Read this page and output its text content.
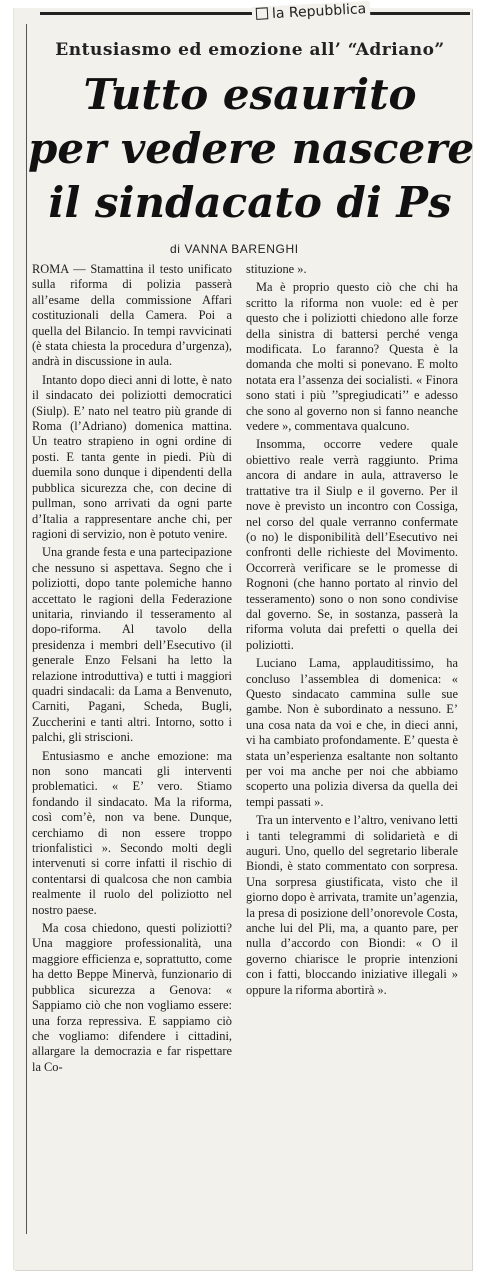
la Repubblica
Entusiasmo ed emozione all’ “Adriano”
Tutto esaurito
per vedere nascere
il sindacato di Ps
di VANNA BARENGHI

ROMA — Stamattina il testo unificato sulla riforma di polizia passerà all’esame della commissione Affari costituzionali della Camera. Poi a quella del Bilancio. In tempi ravvicinati (è stata chiesta la procedura d’urgenza), andrà in discussione in aula.

Intanto dopo dieci anni di lotte, è nato il sindacato dei poliziotti democratici (Siulp). E’ nato nel teatro più grande di Roma (l’Adriano) domenica mattina. Un teatro strapieno in ogni ordine di posti. E tanta gente in piedi. Più di duemila sono dunque i dipendenti della pubblica sicurezza che, con decine di pullman, sono arrivati da ogni parte d’Italia a rappresentare anche chi, per ragioni di servizio, non è potuto venire.

Una grande festa e una partecipazione che nessuno si aspettava. Segno che i poliziotti, dopo tante polemiche hanno accettato le ragioni della Federazione unitaria, rinviando il tesseramento al dopo-riforma. Al tavolo della presidenza i membri dell’Esecutivo (il generale Enzo Felsani ha letto la relazione introduttiva) e tutti i maggiori quadri sindacali: da Lama a Benvenuto, Carniti, Pagani, Scheda, Bugli, Zuccherini e tanti altri. Intorno, sotto i palchi, gli striscioni.

Entusiasmo e anche emozione: ma non sono mancati gli interventi problematici. « E’ vero. Stiamo fondando il sindacato. Ma la riforma, così com’è, non va bene. Dunque, cerchiamo di non essere troppo trionfalistici ». Secondo molti degli intervenuti si corre infatti il rischio di contentarsi di qualcosa che non cambia realmente il ruolo del poliziotto nel nostro paese.

Ma cosa chiedono, questi poliziotti? Una maggiore professionalità, una maggiore efficienza e, soprattutto, come ha detto Beppe Minervà, funzionario di pubblica sicurezza a Genova: « Sappiamo ciò che non vogliamo essere: una forza repressiva. E sappiamo ciò che vogliamo: difendere i cittadini, allargare la democrazia e far rispettare la Co-

stituzione ».

Ma è proprio questo ciò che chi ha scritto la riforma non vuole: ed è per questo che i poliziotti chiedono alle forze della sinistra di battersi perché venga modificata. Lo faranno? Questa è la domanda che molti si ponevano. E molto notata era l’assenza dei socialisti. « Finora sono stati i più ’’spregiudicati’’ e adesso che sono al governo non si fanno neanche vedere », commentava qualcuno.

Insomma, occorre vedere quale obiettivo reale verrà raggiunto. Prima ancora di andare in aula, attraverso le trattative tra il Siulp e il governo. Per il nove è previsto un incontro con Cossiga, nel corso del quale verranno confermate (o no) le disponibilità dell’Esecutivo nei confronti delle richieste del Movimento. Occorrerà verificare se le promesse di Rognoni (che hanno portato al rinvio del tesseramento) sono o non sono condivise dal governo. Se, in sostanza, passerà la riforma voluta dai prefetti o quella dei poliziotti.

Luciano Lama, applauditissimo, ha concluso l’assemblea di domenica: « Questo sindacato cammina sulle sue gambe. Non è subordinato a nessuno. E’ una cosa nata da voi e che, in dieci anni, vi ha cambiato profondamente. E’ questa è stata un’esperienza esaltante non soltanto per voi ma anche per noi che abbiamo scoperto una polizia diversa da quella dei tempi passati ».

Tra un intervento e l’altro, venivano letti i tanti telegrammi di solidarietà e di auguri. Uno, quello del segretario liberale Biondi, è stato commentato con sorpresa. Una sorpresa giustificata, visto che il giorno dopo è arrivata, tramite un’agenzia, la presa di posizione dell’onorevole Costa, anche lui del Pli, ma, a quanto pare, per nulla d’accordo con Biondi: « O il governo chiarisce le proprie intenzioni con i fatti, bloccando iniziative illegali » oppure la riforma abortirà ».
